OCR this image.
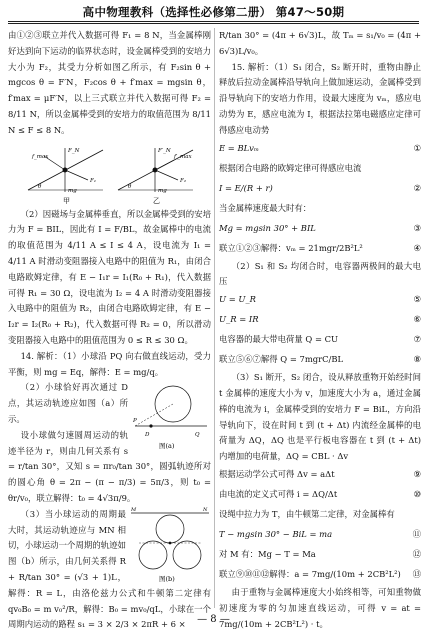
高中物理教科（选择性必修第二册） 第47～50期

由①②③联立并代入数据可得 F₁ = 8 N，当金属棒刚好达到向下运动的临界状态时，设金属棒受到的安培力大小为 F₂，其受力分析如图乙所示，有 F₂sin θ + mgcos θ = F′N，F₂cos θ + f′max = mgsin θ，f′max = μF′N，以上三式联立并代入数据可得 F₂ = 8/11 N，所以金属棒受到的安培力的取值范围为 8/11 N ≤ F ≤ 8 N。

F_N
mg
F₁
f_max
θ
甲
F′_N
mg
F₂
f′_max
θ
乙

（2）因磁场与金属棒垂直，所以金属棒受到的安培力为 F = BIL，因此有 I = F/BL，故金属棒中的电流的取值范围为 4/11 A ≤ I ≤ 4 A，设电流为 I₁ = 4/11 A 时滑动变阻器接入电路中的阻值为 R₁，由闭合电路欧姆定律，有 E − I₁r = I₁(R₀ + R₁)，代入数据可得 R₁ = 30 Ω，设电流为 I₂ = 4 A 时滑动变阻器接入电路中的阻值为 R₂，由闭合电路欧姆定律，有 E − I₂r = I₂(R₀ + R₂)，代入数据可得 R₂ = 0，所以滑动变阻器接入电路中的阻值范围为 0 ≤ R ≤ 30 Ω。

14. 解析：（1）小球沿 PQ 向右做直线运动，受力平衡，则 mg = Eq，解得：E = mg/q。

D	Q
P
图(a)

（2）小球恰好再次通过 D 点，其运动轨迹应如图（a）所示。

设小球做匀速圆周运动的轨迹半径为 r，则由几何关系有 s = r/tan 30°，又知 s = πr₀/tan 30°，圆弧轨迹所对的圆心角 θ = 2π − (π − π/3) = 5π/3，则 t₀ = θr/v₀，联立解得：t₀ = 4√3π/9。

M	N
图(b)

（3）当小球运动的周期最大时，其运动轨迹应与 MN 相切，小球运动一个周期的轨迹如图（b）所示，由几何关系得 R + R/tan 30° = (√3 + 1)L，解得：R = L，由洛伦兹力公式和牛顿第二定律有 qv₀B₀ = m v₀²/R，解得：B₀ = mv₀/qL，小球在一个周期内运动的路程 s₁ = 3 × 2/3 × 2πR + 6 ×

R/tan 30° = (4π + 6√3)L，故 Tₘ = s₁/v₀ = (4π + 6√3)L/v₀。

15. 解析：（1）S₁ 闭合，S₂ 断开时，重物由静止释放后拉动金属棒沿导轨向上做加速运动，金属棒受到沿导轨向下的安培力作用，设最大速度为 vₘ，感应电动势为 E，感应电流为 I，根据法拉第电磁感应定律可得感应电动势

E = BLvₘ	①
根据闭合电路的欧姆定律可得感应电流
I = E/(R + r)	②
当金属棒速度最大时有：
Mg = mgsin 30° + BIL	③
联立①②③解得：vₘ = 21mgr/2B²L²	④

（2）S₁ 和 S₂ 均闭合时，电容器两极间的最大电压

U = U_R	⑤
U_R = IR	⑥
电容器的最大带电荷量 Q = CU	⑦
联立⑤⑥⑦解得 Q = 7mgrC/BL	⑧

（3）S₁ 断开，S₂ 闭合，设从释放重物开始经时间 t 金属棒的速度大小为 v，加速度大小为 a，通过金属棒的电流为 i，金属棒受到的安培力 F = BiL，方向沿导轨向下，设在时间 t 到 (t + Δt) 内流经金属棒的电荷量为 ΔQ，ΔQ 也是平行板电容器在 t 到 (t + Δt) 内增加的电荷量，ΔQ = CBL · Δv

根据运动学公式可得 Δv = aΔt	⑨
由电流的定义式可得 i = ΔQ/Δt	⑩
设绳中拉力为 T，由牛顿第二定律，对金属棒有
T − mgsin 30° − BiL = ma	⑪
对 M 有：Mg − T = Ma	⑫
联立⑨⑩⑪⑫解得：a = 7mg/(10m + 2CB²L²) ⑬

由于重物与金属棒速度大小始终相等，可知重物做初速度为零的匀加速直线运动，可得 v = at = 7mg/(10m + 2CB²L²) · t。

— 8 —
